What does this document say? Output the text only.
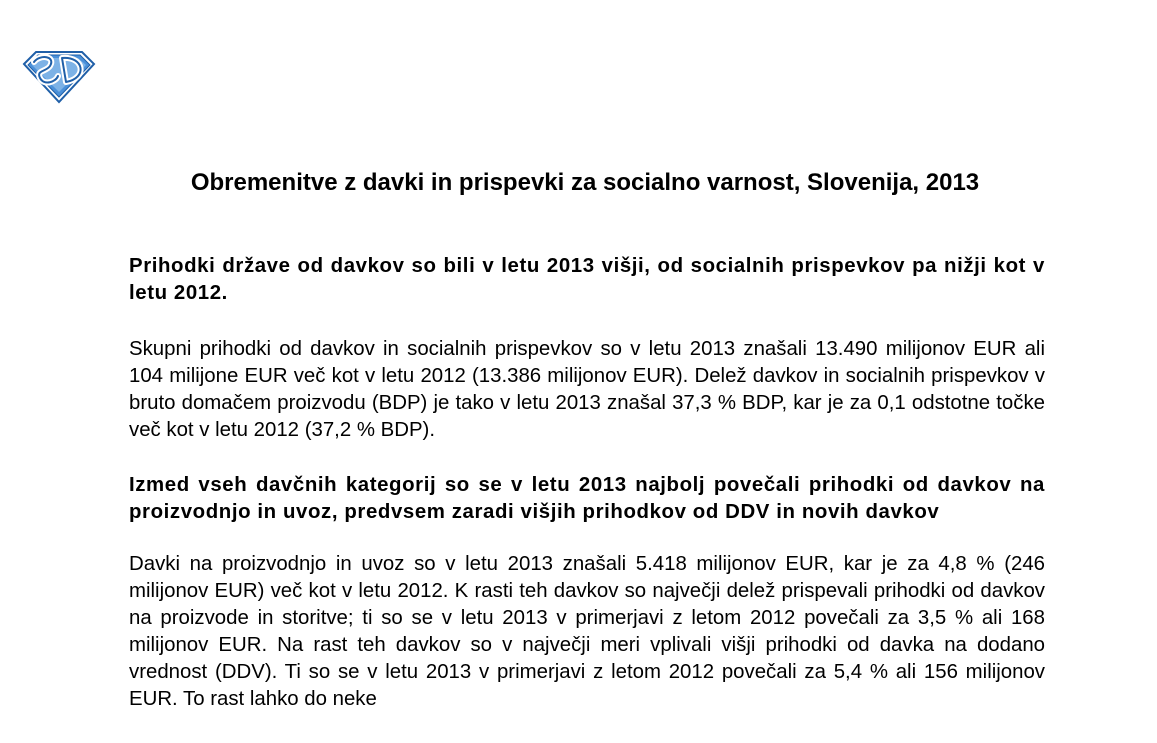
Obremenitve z davki in prispevki za socialno varnost, Slovenija, 2013

Prihodki države od davkov so bili v letu 2013 višji, od socialnih prispevkov pa nižji kot v letu 2012.

Skupni prihodki od davkov in socialnih prispevkov so v letu 2013 znašali 13.490 milijonov EUR ali 104 milijone EUR več kot v letu 2012 (13.386 milijonov EUR). Delež davkov in socialnih prispevkov v bruto domačem proizvodu (BDP) je tako v letu 2013 znašal 37,3 % BDP, kar je za 0,1 odstotne točke več kot v letu 2012 (37,2 % BDP).

Izmed vseh davčnih kategorij so se v letu 2013 najbolj povečali prihodki od davkov na proizvodnjo in uvoz, predvsem zaradi višjih prihodkov od DDV in novih davkov

Davki na proizvodnjo in uvoz so v letu 2013 znašali 5.418 milijonov EUR, kar je za 4,8 % (246 milijonov EUR) več kot v letu 2012. K rasti teh davkov so največji delež prispevali prihodki od davkov na proizvode in storitve; ti so se v letu 2013 v primerjavi z letom 2012 povečali za 3,5 % ali 168 milijonov EUR. Na rast teh davkov so v največji meri vplivali višji prihodki od davka na dodano vrednost (DDV). Ti so se v letu 2013 v primerjavi z letom 2012 povečali za 5,4 % ali 156 milijonov EUR. To rast lahko do neke
